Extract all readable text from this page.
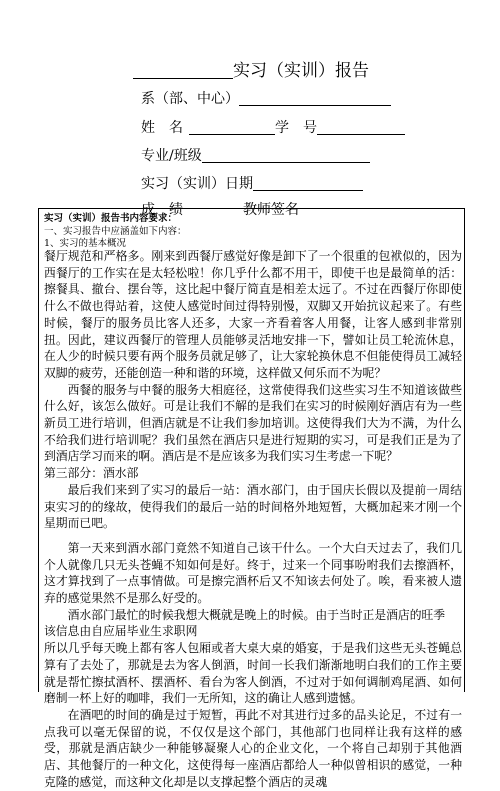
实习（实训）报告
系（部、中心）
姓　名	学　号
专业/班级
实习（实训）日期
成　绩	教师签名
实习（实训）报告书内容要求：
一、实习报告中应涵盖如下内容：
1、实习的基本概况

餐厅规范和严格多。刚来到西餐厅感觉好像是卸下了一个很重的包袱似的，因为西餐厅的工作实在是太轻松啦！你几乎什么都不用干，即使干也是最简单的活：擦餐具、撤台、摆台等，这比起中餐厅简直是相差太远了。不过在西餐厅你即使什么不做也得站着，这使人感觉时间过得特别慢，双脚又开始抗议起来了。有些时候，餐厅的服务员比客人还多，大家一齐看着客人用餐，让客人感到非常别扭。因此，建议西餐厅的管理人员能够灵活地安排一下，譬如让员工轮流休息，在人少的时候只要有两个服务员就足够了，让大家轮换休息不但能使得员工减轻双脚的疲劳，还能创造一种和谐的环境，这样做又何乐而不为呢？

西餐的服务与中餐的服务大相庭径，这常使得我们这些实习生不知道该做些什么好，该怎么做好。可是让我们不解的是我们在实习的时候刚好酒店有为一些新员工进行培训，但酒店就是不让我们参加培训。这使得我们大为不满，为什么不给我们进行培训呢？我们虽然在酒店只是进行短期的实习，可是我们正是为了到酒店学习而来的啊。酒店是不是应该多为我们实习生考虑一下呢？

第三部分：酒水部

最后我们来到了实习的最后一站：酒水部门，由于国庆长假以及提前一周结束实习的的缘故，使得我们的最后一站的时间格外地短暂，大概加起来才刚一个星期而已吧。

第一天来到酒水部门竟然不知道自己该干什么。一个大白天过去了，我们几个人就像几只无头苍蝇不知如何是好。终于，过来一个同事吩咐我们去擦酒杯，这才算找到了一点事情做。可是擦完酒杯后又不知该去何处了。唉，看来被人遗弃的感觉果然不是那么好受的。

酒水部门最忙的时候我想大概就是晚上的时候。由于当时正是酒店的旺季

该信息由自应届毕业生求职网

所以几乎每天晚上都有客人包厢或者大桌大桌的婚宴，于是我们这些无头苍蝇总算有了去处了，那就是去为客人倒酒，时间一长我们渐渐地明白我们的工作主要就是帮忙擦拭酒杯、摆酒杯、看台为客人倒酒，不过对于如何调制鸡尾酒、如何磨制一杯上好的咖啡，我们一无所知，这的确让人感到遗憾。

在酒吧的时间的确是过于短暂，再此不对其进行过多的品头论足，不过有一点我可以毫无保留的说，不仅仅是这个部门，其他部门也同样让我有这样的感受，那就是酒店缺少一种能够凝聚人心的企业文化，一个将自己却别于其他酒店、其他餐厅的一种文化，这使得每一座酒店都给人一种似曾相识的感觉，一种克隆的感觉，而这种文化却是以支撑起整个酒店的灵魂
